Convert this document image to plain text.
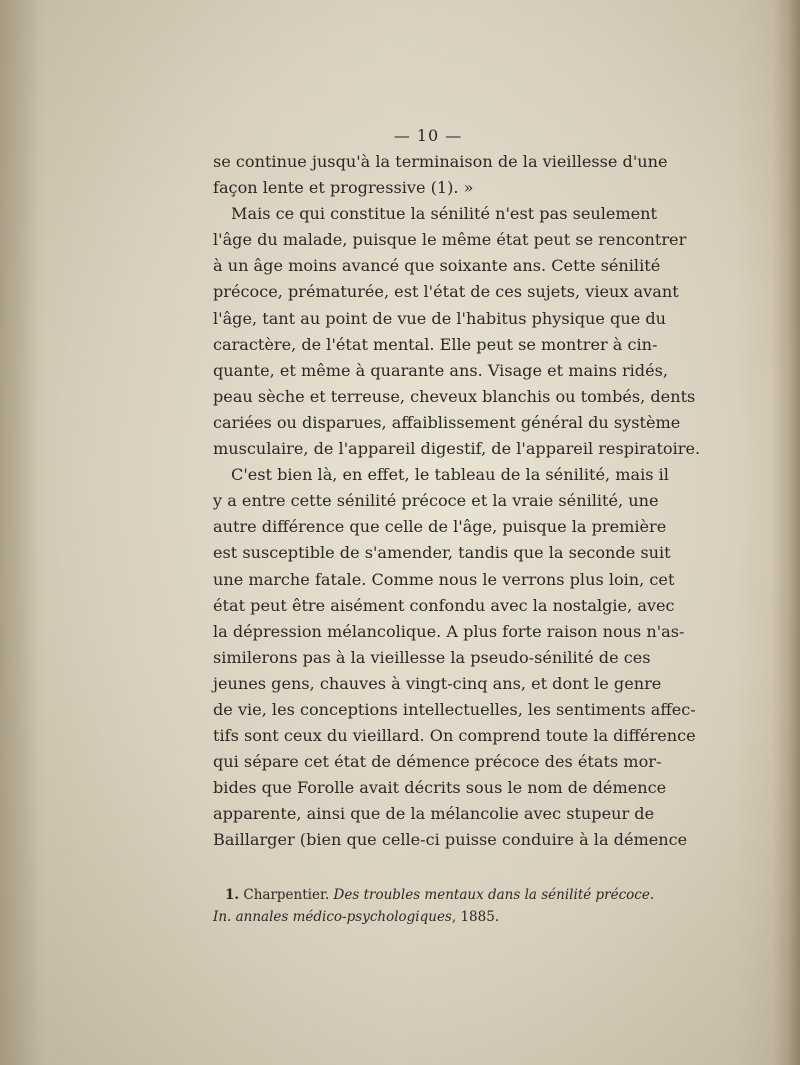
— 10 —
se continue jusqu'à la terminaison de la vieillesse d'une
façon lente et progressive (1). »
Mais ce qui constitue la sénilité n'est pas seulement
l'âge du malade, puisque le même état peut se rencontrer
à un âge moins avancé que soixante ans. Cette sénilité
précoce, prématurée, est l'état de ces sujets, vieux avant
l'âge, tant au point de vue de l'habitus physique que du
caractère, de l'état mental. Elle peut se montrer à cin-
quante, et même à quarante ans. Visage et mains ridés,
peau sèche et terreuse, cheveux blanchis ou tombés, dents
cariées ou disparues, affaiblissement général du système
musculaire, de l'appareil digestif, de l'appareil respiratoire.
C'est bien là, en effet, le tableau de la sénilité, mais il
y a entre cette sénilité précoce et la vraie sénilité, une
autre différence que celle de l'âge, puisque la première
est susceptible de s'amender, tandis que la seconde suit
une marche fatale. Comme nous le verrons plus loin, cet
état peut être aisément confondu avec la nostalgie, avec
la dépression mélancolique. A plus forte raison nous n'as-
similerons pas à la vieillesse la pseudo-sénilité de ces
jeunes gens, chauves à vingt-cinq ans, et dont le genre
de vie, les conceptions intellectuelles, les sentiments affec-
tifs sont ceux du vieillard. On comprend toute la différence
qui sépare cet état de démence précoce des états mor-
bides que Forolle avait décrits sous le nom de démence
apparente, ainsi que de la mélancolie avec stupeur de
Baillarger (bien que celle-ci puisse conduire à la démence
1. Charpentier. Des troubles mentaux dans la sénilité précoce.
In. annales médico-psychologiques, 1885.
